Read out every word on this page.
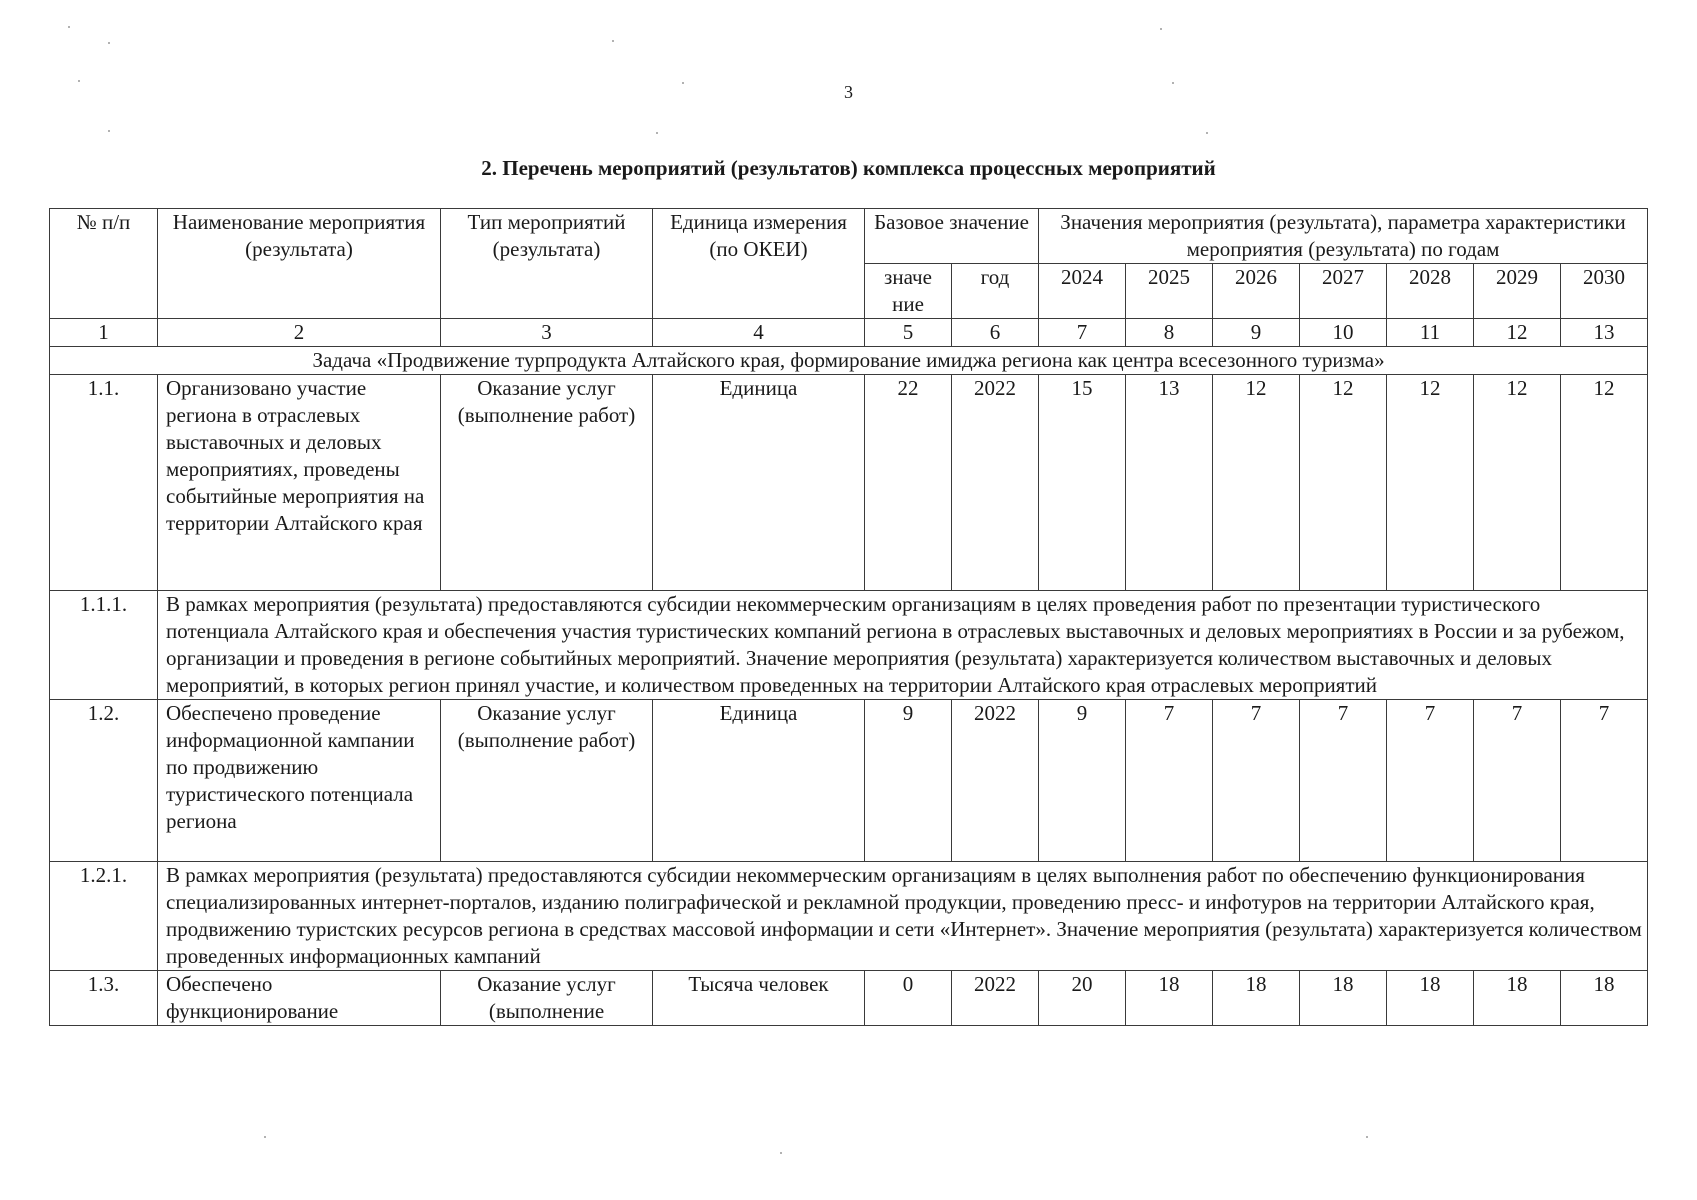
3
2. Перечень мероприятий (результатов) комплекса процессных мероприятий
№ п/п	Наименование мероприятия (результата)	Тип мероприятий (результата)	Единица измерения (по ОКЕИ)	Базовое значение		Значения мероприятия (результата), параметра характеристики мероприятия (результата) по годам						
				значе ние	год	2024	2025	2026	2027	2028	2029	2030
1	2	3	4	5	6	7	8	9	10	11	12	13
Задача «Продвижение турпродукта Алтайского края, формирование имиджа региона как центра всесезонного туризма»												
1.1.	Организовано участие региона в отраслевых выставочных и деловых мероприятиях, проведены событийные мероприятия на территории Алтайского края	Оказание услуг (выполнение работ)	Единица	22	2022	15	13	12	12	12	12	12
1.1.1.	В рамках мероприятия (результата) предоставляются субсидии некоммерческим организациям в целях проведения работ по презентации туристического потенциала Алтайского края и обеспечения участия туристических компаний региона в отраслевых выставочных и деловых мероприятиях в России и за рубежом, организации и проведения в регионе событийных мероприятий. Значение мероприятия (результата) характеризуется количеством выставочных и деловых мероприятий, в которых регион принял участие, и количеством проведенных на территории Алтайского края отраслевых мероприятий											
1.2.	Обеспечено проведение информационной кампании по продвижению туристического потенциала региона	Оказание услуг (выполнение работ)	Единица	9	2022	9	7	7	7	7	7	7
1.2.1.	В рамках мероприятия (результата) предоставляются субсидии некоммерческим организациям в целях выполнения работ по обеспечению функционирования специализированных интернет-порталов, изданию полиграфической и рекламной продукции, проведению пресс- и инфотуров на территории Алтайского края, продвижению туристских ресурсов региона в средствах массовой информации и сети «Интернет». Значение мероприятия (результата) характеризуется количеством проведенных информационных кампаний											
1.3.	Обеспечено функционирование	Оказание услуг (выполнение	Тысяча человек	0	2022	20	18	18	18	18	18	18
